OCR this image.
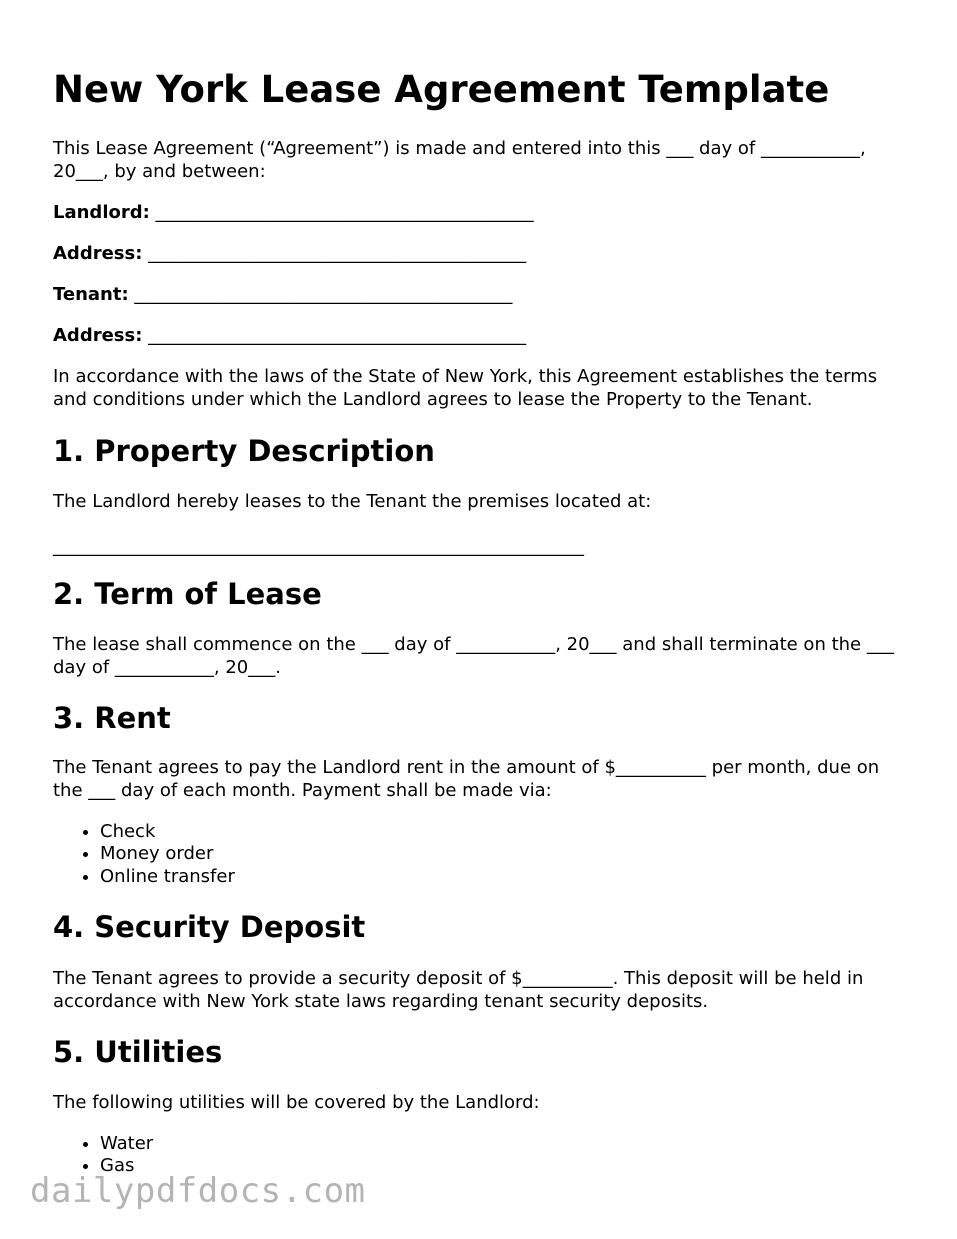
New York Lease Agreement Template

This Lease Agreement (“Agreement”) is made and entered into this ___ day of ___________, 20___, by and between:

Landlord: __________________________________________
Address: __________________________________________
Tenant: __________________________________________
Address: __________________________________________

In accordance with the laws of the State of New York, this Agreement establishes the terms and conditions under which the Landlord agrees to lease the Property to the Tenant.

1. Property Description

The Landlord hereby leases to the Tenant the premises located at:

___________________________________________________________
2. Term of Lease

The lease shall commence on the ___ day of ___________, 20___ and shall terminate on the ___ day of ___________, 20___.

3. Rent

The Tenant agrees to pay the Landlord rent in the amount of $__________ per month, due on the ___ day of each month. Payment shall be made via:

• Check
• Money order
• Online transfer
4. Security Deposit

The Tenant agrees to provide a security deposit of $__________. This deposit will be held in accordance with New York state laws regarding tenant security deposits.

5. Utilities

The following utilities will be covered by the Landlord:

• Water
• Gas
dailypdfdocs.com
